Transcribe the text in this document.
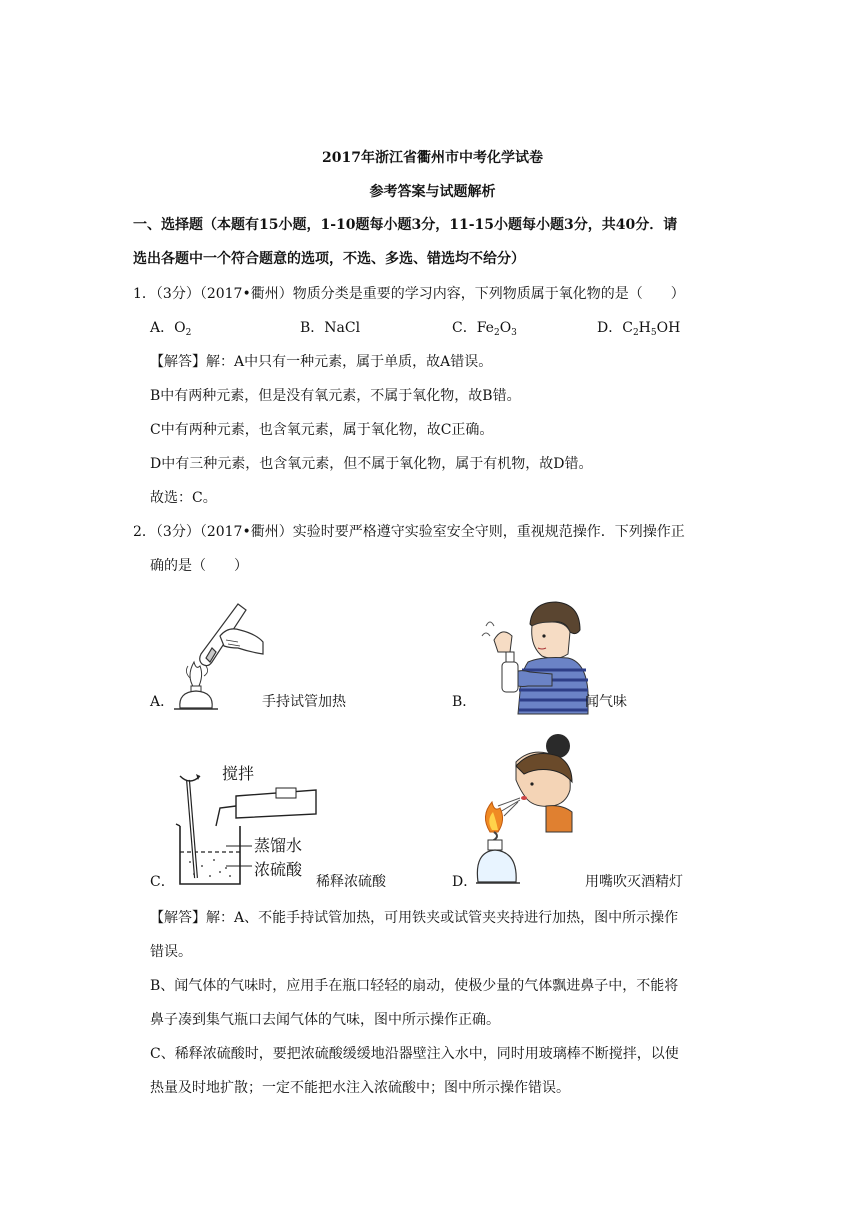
2017年浙江省衢州市中考化学试卷
参考答案与试题解析
一、选择题（本题有15小题，1-10题每小题3分，11-15小题每小题3分，共40分．请
选出各题中一个符合题意的选项，不选、多选、错选均不给分）
1．（3分）（2017•衢州）物质分类是重要的学习内容，下列物质属于氧化物的是（　　）
A．$O_2$	B．NaCl	C．$Fe_2O_3$	D．$C_2H_5OH$
【解答】解：A中只有一种元素，属于单质，故A错误。
B中有两种元素，但是没有氧元素，不属于氧化物，故B错。
C中有两种元素，也含氧元素，属于氧化物，故C正确。
D中有三种元素，也含氧元素，但不属于氧化物，属于有机物，故D错。
故选：C。
2．（3分）（2017•衢州）实验时要严格遵守实验室安全守则，重视规范操作．下列操作正
确的是（　　）
A．	手持试管加热	B．	闻气味
搅拌
蒸馏水
浓硫酸
C．	稀释浓硫酸	D．	用嘴吹灭酒精灯
【解答】解：A、不能手持试管加热，可用铁夹或试管夹夹持进行加热，图中所示操作
错误。
B、闻气体的气味时，应用手在瓶口轻轻的扇动，使极少量的气体飘进鼻子中，不能将
鼻子凑到集气瓶口去闻气体的气味，图中所示操作正确。
C、稀释浓硫酸时，要把浓硫酸缓缓地沿器壁注入水中，同时用玻璃棒不断搅拌，以使
热量及时地扩散；一定不能把水注入浓硫酸中；图中所示操作错误。
